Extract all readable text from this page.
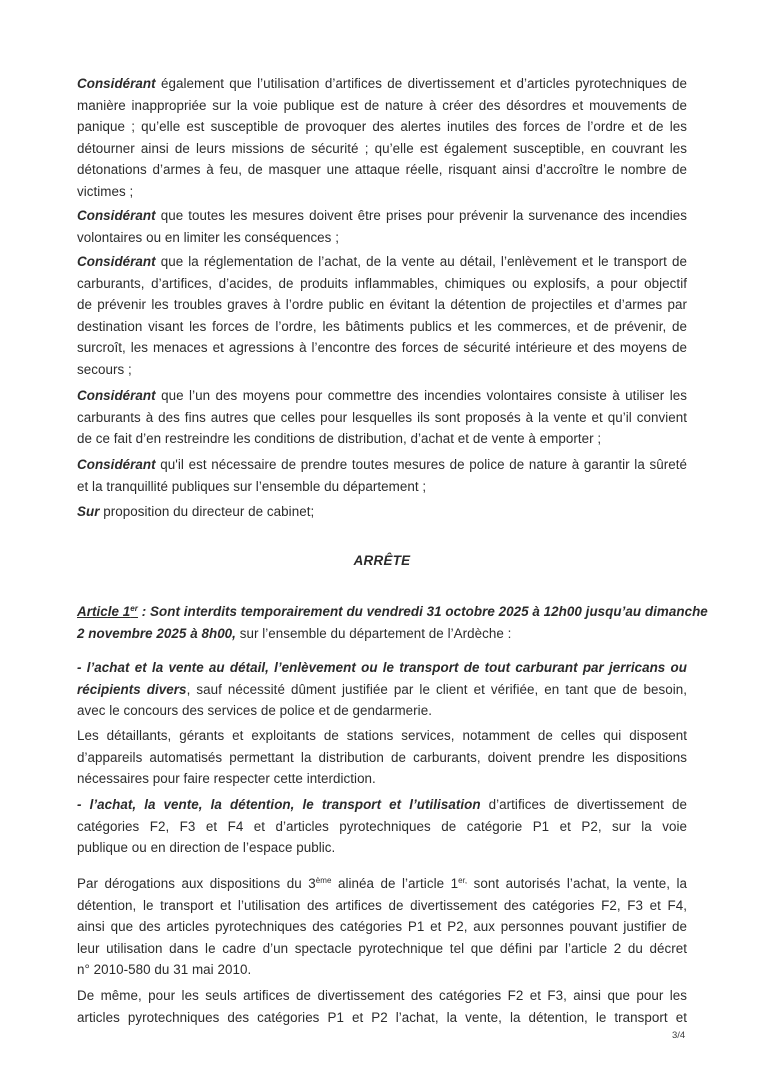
Considérant également que l’utilisation d’artifices de divertissement et d’articles pyrotechniques de
manière inappropriée sur la voie publique est de nature à créer des désordres et mouvements de
panique ; qu’elle est susceptible de provoquer des alertes inutiles des forces de l’ordre et de les
détourner ainsi de leurs missions de sécurité ; qu’elle est également susceptible, en couvrant les
détonations d’armes à feu, de masquer une attaque réelle, risquant ainsi d’accroître le nombre de
victimes ;
Considérant que toutes les mesures doivent être prises pour prévenir la survenance des incendies
volontaires ou en limiter les conséquences ;
Considérant que la réglementation de l’achat, de la vente au détail, l’enlèvement et le transport de
carburants, d’artifices, d’acides, de produits inflammables, chimiques ou explosifs, a pour objectif
de prévenir les troubles graves à l’ordre public en évitant la détention de projectiles et d’armes par
destination visant les forces de l’ordre, les bâtiments publics et les commerces, et de prévenir, de
surcroît, les menaces et agressions à l’encontre des forces de sécurité intérieure et des moyens de
secours ;
Considérant que l’un des moyens pour commettre des incendies volontaires consiste à utiliser les
carburants à des fins autres que celles pour lesquelles ils sont proposés à la vente et qu’il convient
de ce fait d’en restreindre les conditions de distribution, d’achat et de vente à emporter ;
Considérant qu'il est nécessaire de prendre toutes mesures de police de nature à garantir la sûreté
et la tranquillité publiques sur l’ensemble du département ;
Sur proposition du directeur de cabinet;
ARRÊTE
Article 1er : Sont interdits temporairement du vendredi 31 octobre 2025 à 12h00 jusqu’au dimanche
2 novembre 2025 à 8h00, sur l’ensemble du département de l’Ardèche :
- l’achat et la vente au détail, l’enlèvement ou le transport de tout carburant par jerricans ou
récipients divers, sauf nécessité dûment justifiée par le client et vérifiée, en tant que de besoin,
avec le concours des services de police et de gendarmerie.
Les détaillants, gérants et exploitants de stations services, notamment de celles qui disposent
d’appareils automatisés permettant la distribution de carburants, doivent prendre les dispositions
nécessaires pour faire respecter cette interdiction.
- l’achat, la vente, la détention, le transport et l’utilisation d’artifices de divertissement de
catégories F2, F3 et F4 et d’articles pyrotechniques de catégorie P1 et P2, sur la voie
publique ou en direction de l’espace public.
Par dérogations aux dispositions du 3ème alinéa de l’article $1^{er,}$ sont autorisés l’achat, la vente, la
détention, le transport et l’utilisation des artifices de divertissement des catégories F2, F3 et F4,
ainsi que des articles pyrotechniques des catégories P1 et P2, aux personnes pouvant justifier de
leur utilisation dans le cadre d’un spectacle pyrotechnique tel que défini par l’article 2 du décret
n° 2010-580 du 31 mai 2010.
De même, pour les seuls artifices de divertissement des catégories F2 et F3, ainsi que pour les
articles pyrotechniques des catégories P1 et P2 l’achat, la vente, la détention, le transport et
3/4
